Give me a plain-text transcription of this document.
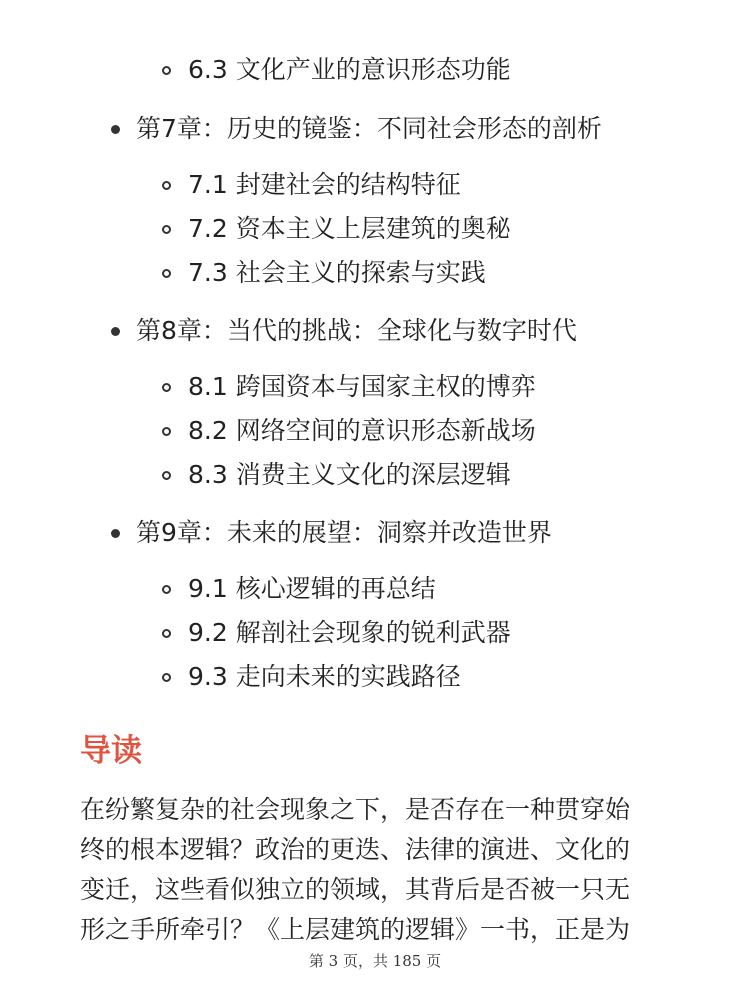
6.3 文化产业的意识形态功能
第7章：历史的镜鉴：不同社会形态的剖析
7.1 封建社会的结构特征
7.2 资本主义上层建筑的奥秘
7.3 社会主义的探索与实践
第8章：当代的挑战：全球化与数字时代
8.1 跨国资本与国家主权的博弈
8.2 网络空间的意识形态新战场
8.3 消费主义文化的深层逻辑
第9章：未来的展望：洞察并改造世界
9.1 核心逻辑的再总结
9.2 解剖社会现象的锐利武器
9.3 走向未来的实践路径
导读
在纷繁复杂的社会现象之下，是否存在一种贯穿始
终的根本逻辑？政治的更迭、法律的演进、文化的
变迁，这些看似独立的领域，其背后是否被一只无
形之手所牵引？《上层建筑的逻辑》一书，正是为
第 3 页，共 185 页
